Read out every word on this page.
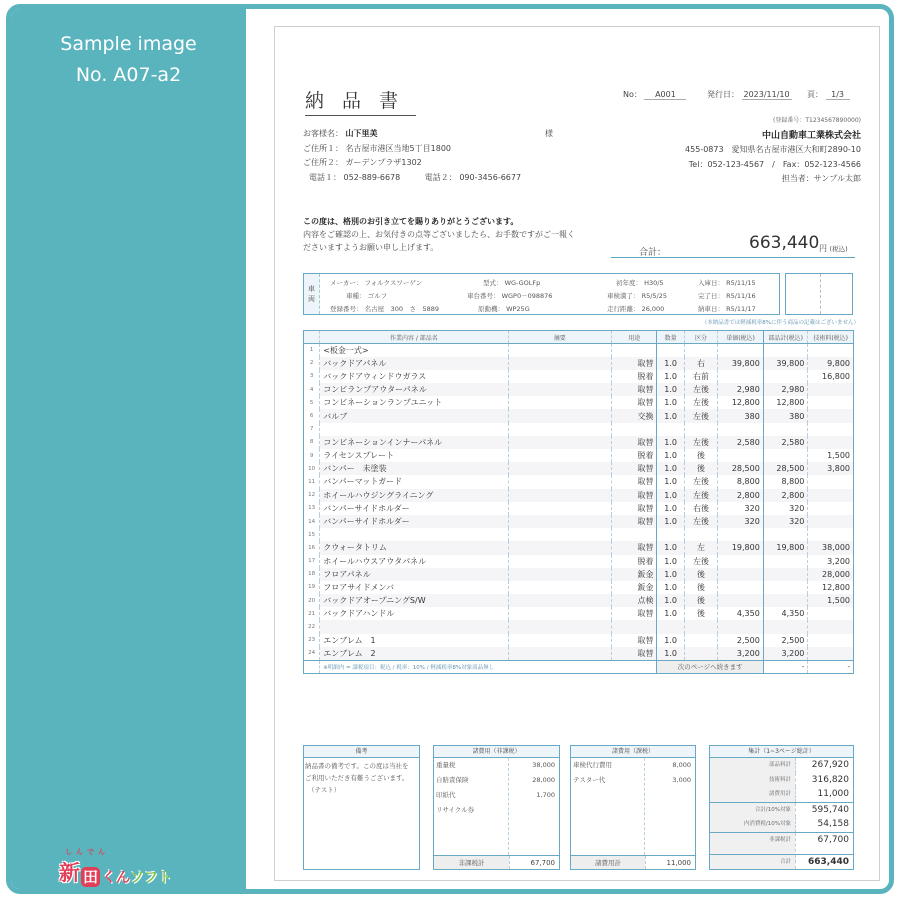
Sample image
No. A07-a2
納品書	No： A001	発行日： 2023/11/10 頁： 1/3
お客様名： 山下里美	様
ご住所１： 名古屋市港区当地5丁目1800
ご住所２： ガーデンプラザ1302
電話１： 052-889-6678	電話２： 090-3456-6677
(登録番号：T1234567890000)
中山自動車工業株式会社
455-0873　愛知県名古屋市港区大和町2890-10
Tel：052-123-4567　/　Fax：052-123-4566
担当者：サンプル太郎
この度は、格別のお引き立てを賜りありがとうございます。
内容をご確認の上、お気付きの点等ございましたら、お手数ですがご一報く
ださいますようお願い申し上げます。
合計：	663,440 円 (税込)
車
両
メーカー： フォルクスワーゲン
車種： ゴルフ
登録番号： 名古屋　300　さ　5889
型式： WG-GOLFp
車台番号： WGP0－098876
原動機： WP25G
初年度： H30/5
車検満了： R5/5/25
走行距離： 26,000
入庫日： R5/11/15
完了日： R5/11/16
納車日： R5/11/17
（本納品書では軽減税率8%に伴う商品の記載はございません）
	作業内容 / 部品名	摘要	用途	数量	区分	単価(税込)	部品計(税込)	技術料(税込)
1	<板金一式>							
2	バックドアパネル		取替	1.0	右	39,800	39,800	9,800
3	バックドアウィンドウガラス		脱着	1.0	右前			16,800
4	コンビランプアウターパネル		取替	1.0	左後	2,980	2,980	
5	コンビネーションランプユニット		取替	1.0	左後	12,800	12,800	
6	バルブ		交換	1.0	左後	380	380	
7								
8	コンビネーションインナーパネル		取替	1.0	左後	2,580	2,580	
9	ライセンスプレート		脱着	1.0	後			1,500
10	バンパー　未塗装		取替	1.0	後	28,500	28,500	3,800
11	バンパーマットガード		取替	1.0	左後	8,800	8,800	
12	ホイールハウジングライニング		取替	1.0	左後	2,800	2,800	
13	バンパーサイドホルダー		取替	1.0	右後	320	320	
14	バンパーサイドホルダー		取替	1.0	左後	320	320	
15								
16	クウォータトリム		取替	1.0	左	19,800	19,800	38,000
17	ホイールハウスアウタパネル		脱着	1.0	左後			3,200
18	フロアパネル		鈑金	1.0	後			28,000
19	フロアサイドメンバ		鈑金	1.0	後			12,800
20	バックドアオープニングS/W		点検	1.0	後			1,500
21	バックドアハンドル		取替	1.0	後	4,350	4,350	
22								
23	エンブレム　1		取替	1.0		2,500	2,500	
24	エンブレム　2		取替	1.0		3,200	3,200	
	※明細内 = 課税項目：税込 / 税率：10% / 軽減税率8%対象商品無し			次のページへ続きます			-	-
備考
納品書の備考です。この度は当社を
ご利用いただき有難うございます。
（テスト）
諸費用（非課税）
重量税	38,000
自賠責保険	28,000
印紙代	1,700
リサイクル券
非課税計	67,700
諸費用（課税）
車検代行費用	8,000
テスター代	3,000
諸費用計	11,000
集計（1~3ページ総計）
部品料計	267,920
技術料計	316,820
諸費用計	11,000
合計/10%対象	595,740
内消費税/10%対象	54,158
非課税計	67,700
合計	663,440
しんでん
新 田 くん ソフト
